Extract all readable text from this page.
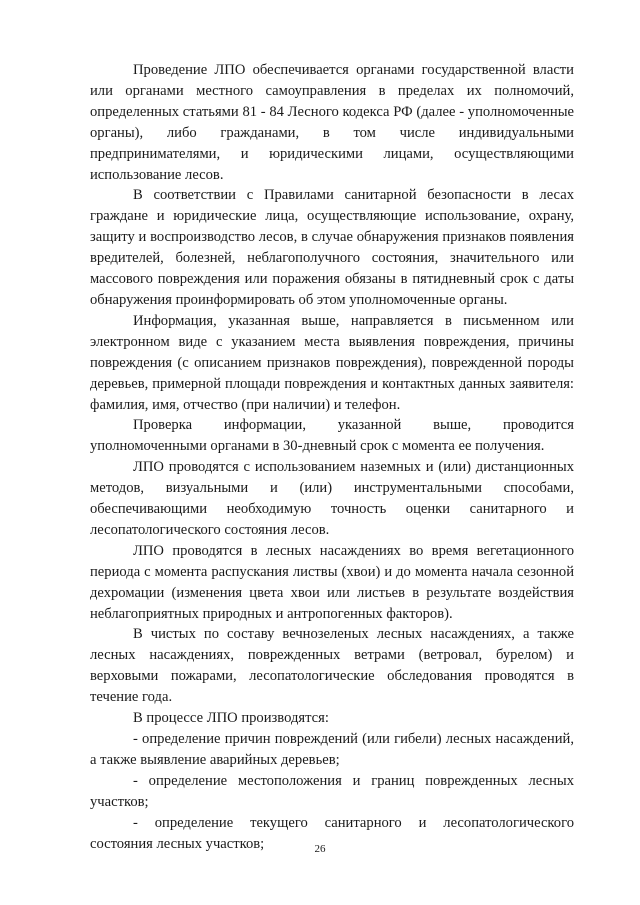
Проведение ЛПО обеспечивается органами государственной власти или органами местного самоуправления в пределах их полномочий, определенных статьями 81 - 84 Лесного кодекса РФ (далее - уполномоченные органы), либо гражданами, в том числе индивидуальными предпринимателями, и юридическими лицами, осуществляющими использование лесов.

В соответствии с Правилами санитарной безопасности в лесах граждане и юридические лица, осуществляющие использование, охрану, защиту и воспроизводство лесов, в случае обнаружения признаков появления вредителей, болезней, неблагополучного состояния, значительного или массового повреждения или поражения обязаны в пятидневный срок с даты обнаружения проинформировать об этом уполномоченные органы.

Информация, указанная выше, направляется в письменном или электронном виде с указанием места выявления повреждения, причины повреждения (с описанием признаков повреждения), поврежденной породы деревьев, примерной площади повреждения и контактных данных заявителя: фамилия, имя, отчество (при наличии) и телефон.

Проверка информации, указанной выше, проводится уполномоченными органами в 30-дневный срок с момента ее получения.

ЛПО проводятся с использованием наземных и (или) дистанционных методов, визуальными и (или) инструментальными способами, обеспечивающими необходимую точность оценки санитарного и лесопатологического состояния лесов.

ЛПО проводятся в лесных насаждениях во время вегетационного периода с момента распускания листвы (хвои) и до момента начала сезонной дехромации (изменения цвета хвои или листьев в результате воздействия неблагоприятных природных и антропогенных факторов).

В чистых по составу вечнозеленых лесных насаждениях, а также лесных насаждениях, поврежденных ветрами (ветровал, бурелом) и верховыми пожарами, лесопатологические обследования проводятся в течение года.

В процессе ЛПО производятся:

- определение причин повреждений (или гибели) лесных насаждений, а также выявление аварийных деревьев;

- определение местоположения и границ поврежденных лесных участков;

- определение текущего санитарного и лесопатологического состояния лесных участков;	26
